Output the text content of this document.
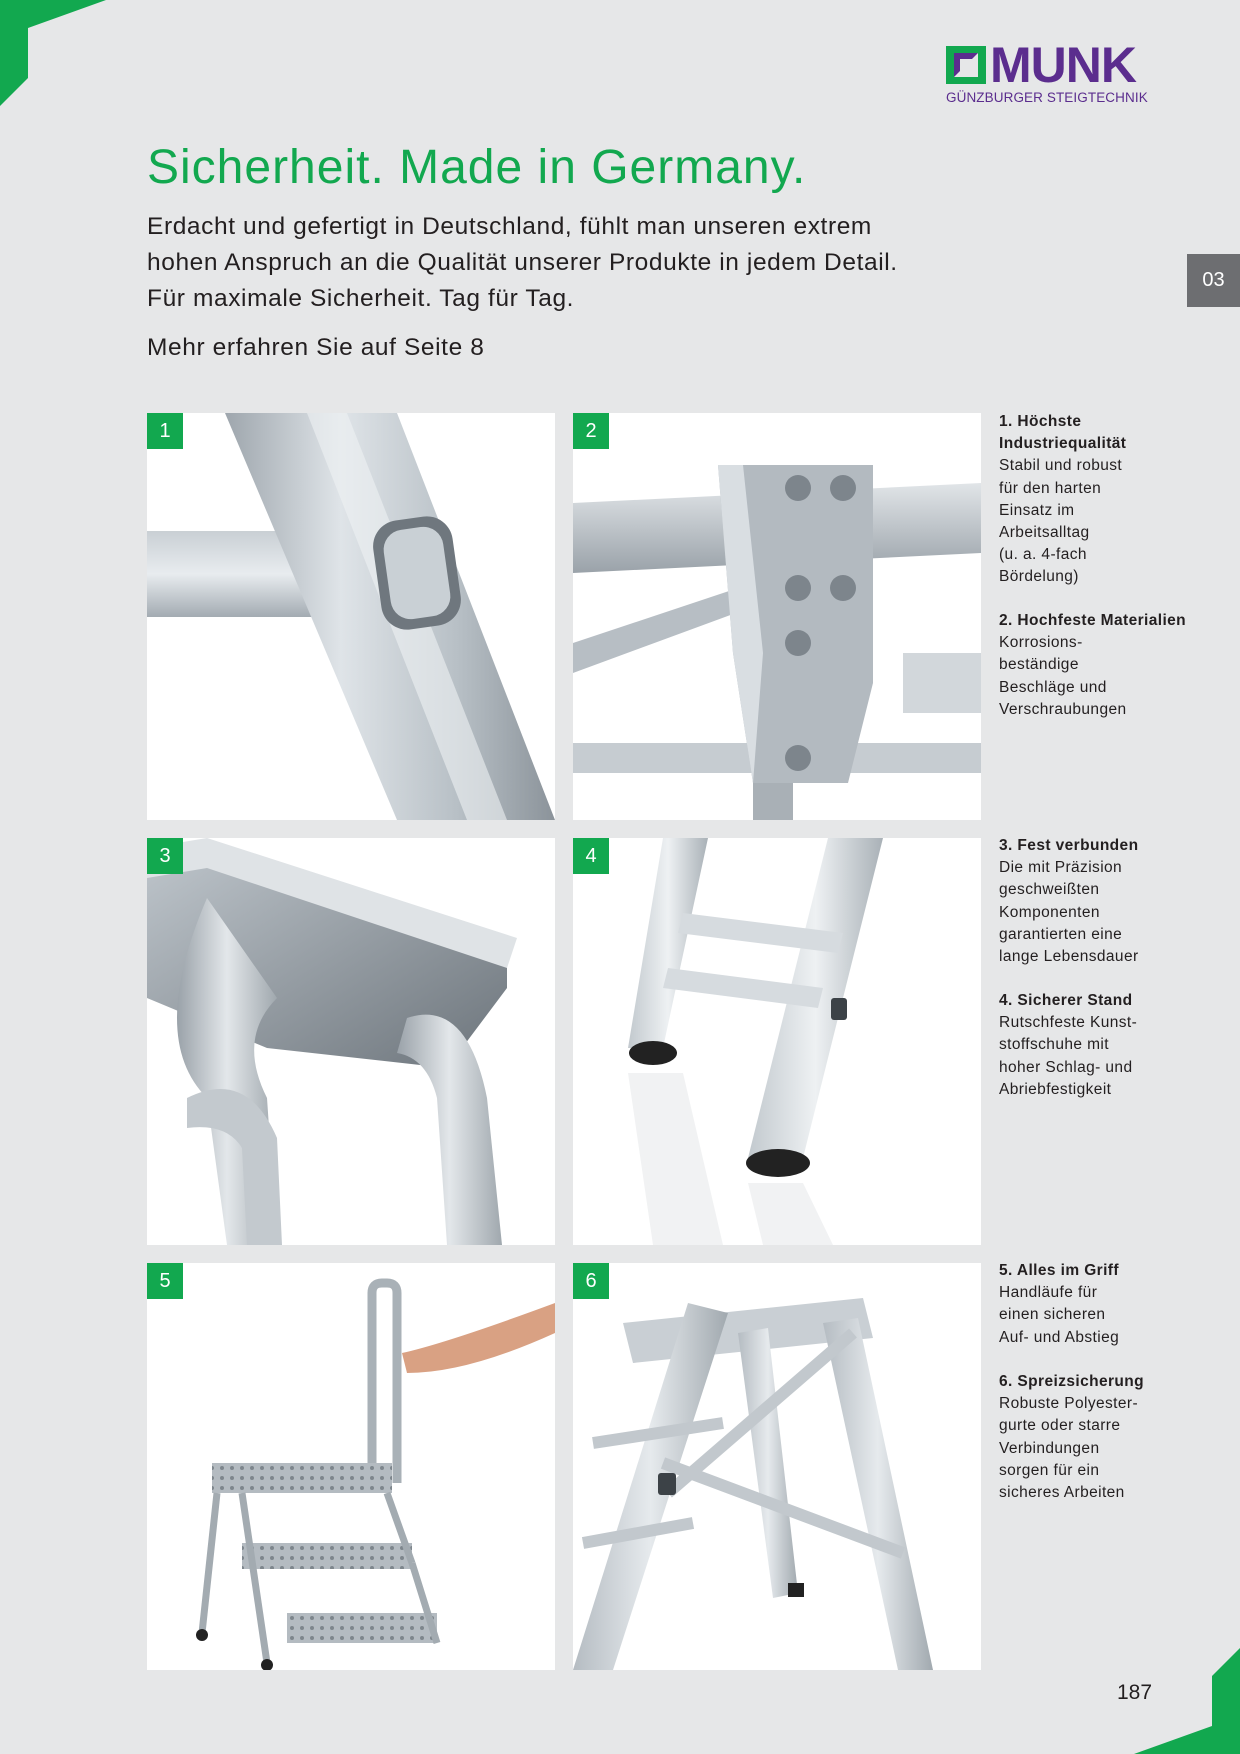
MUNK
GÜNZBURGER STEIGTECHNIK
03
Sicherheit. Made in Germany.

Erdacht und gefertigt in Deutschland, fühlt man unseren extrem hohen Anspruch an die Qualität unserer Produkte in jedem Detail. Für maximale Sicherheit. Tag für Tag.

Mehr erfahren Sie auf Seite 8

1	2
3	4
5	6
1. Höchste Industriequalität
Stabil und robust
für den harten
Einsatz im
Arbeitsalltag
(u. a. 4-fach
Bördelung)
2. Hochfeste Materialien
Korrosions-
beständige
Beschläge und
Verschraubungen
3. Fest verbunden
Die mit Präzision
geschweißten
Komponenten
garantierten eine
lange Lebensdauer
4. Sicherer Stand
Rutschfeste Kunst-
stoffschuhe mit
hoher Schlag- und
Abriebfestigkeit
5. Alles im Griff
Handläufe für
einen sicheren
Auf- und Abstieg
6. Spreizsicherung
Robuste Polyester-
gurte oder starre
Verbindungen
sorgen für ein
sicheres Arbeiten
187
